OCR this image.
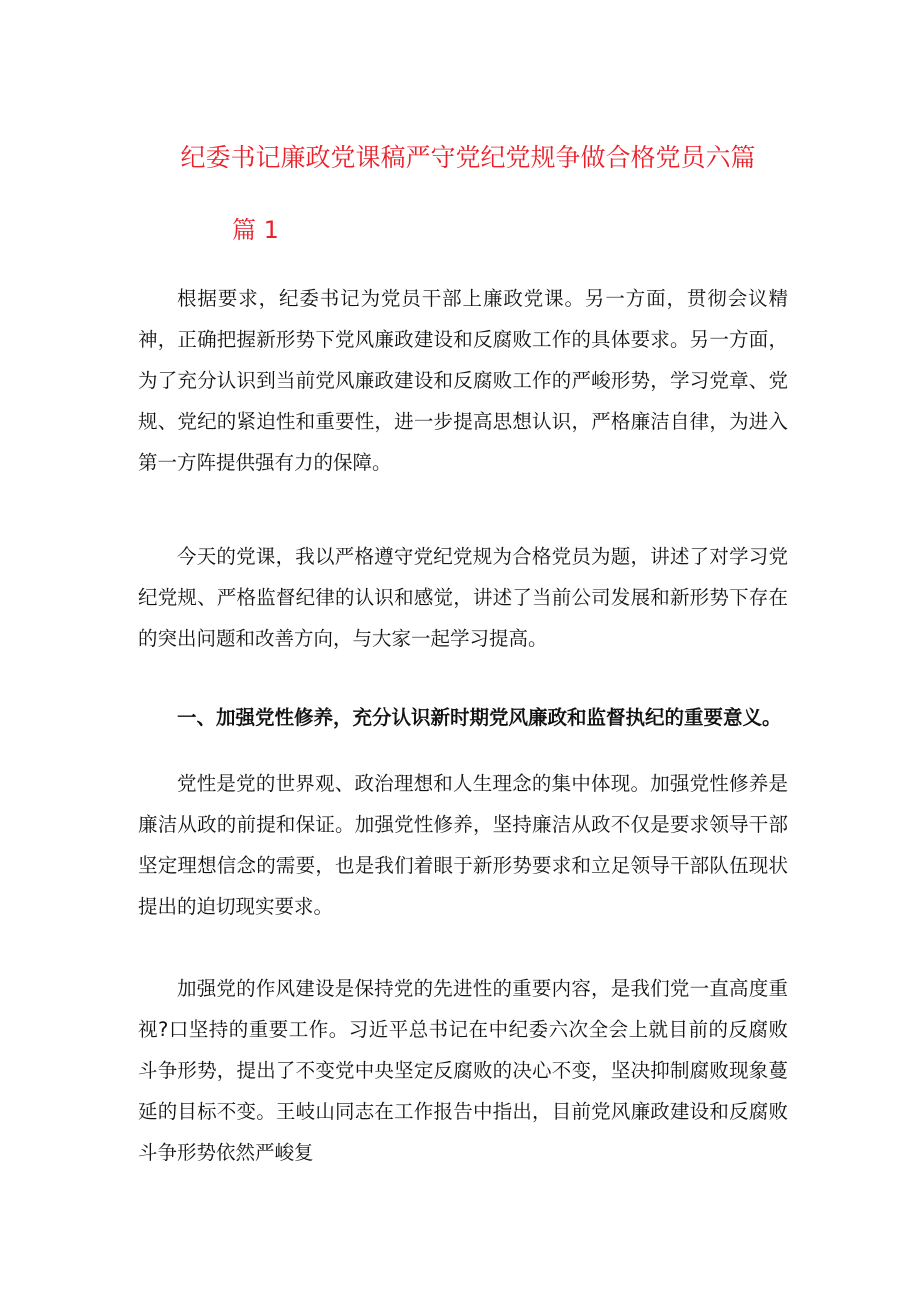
纪委书记廉政党课稿严守党纪党规争做合格党员六篇
篇 1

根据要求，纪委书记为党员干部上廉政党课。另一方面，贯彻会议精神，正确把握新形势下党风廉政建设和反腐败工作的具体要求。另一方面，为了充分认识到当前党风廉政建设和反腐败工作的严峻形势，学习党章、党规、党纪的紧迫性和重要性，进一步提高思想认识，严格廉洁自律，为进入第一方阵提供强有力的保障。

今天的党课，我以严格遵守党纪党规为合格党员为题，讲述了对学习党纪党规、严格监督纪律的认识和感觉，讲述了当前公司发展和新形势下存在的突出问题和改善方向，与大家一起学习提高。

一、加强党性修养，充分认识新时期党风廉政和监督执纪的重要意义。

党性是党的世界观、政治理想和人生理念的集中体现。加强党性修养是廉洁从政的前提和保证。加强党性修养，坚持廉洁从政不仅是要求领导干部坚定理想信念的需要，也是我们着眼于新形势要求和立足领导干部队伍现状提出的迫切现实要求。

加强党的作风建设是保持党的先进性的重要内容，是我们党一直高度重视?口坚持的重要工作。习近平总书记在中纪委六次全会上就目前的反腐败斗争形势，提出了不变党中央坚定反腐败的决心不变，坚决抑制腐败现象蔓延的目标不变。王岐山同志在工作报告中指出，目前党风廉政建设和反腐败斗争形势依然严峻复
